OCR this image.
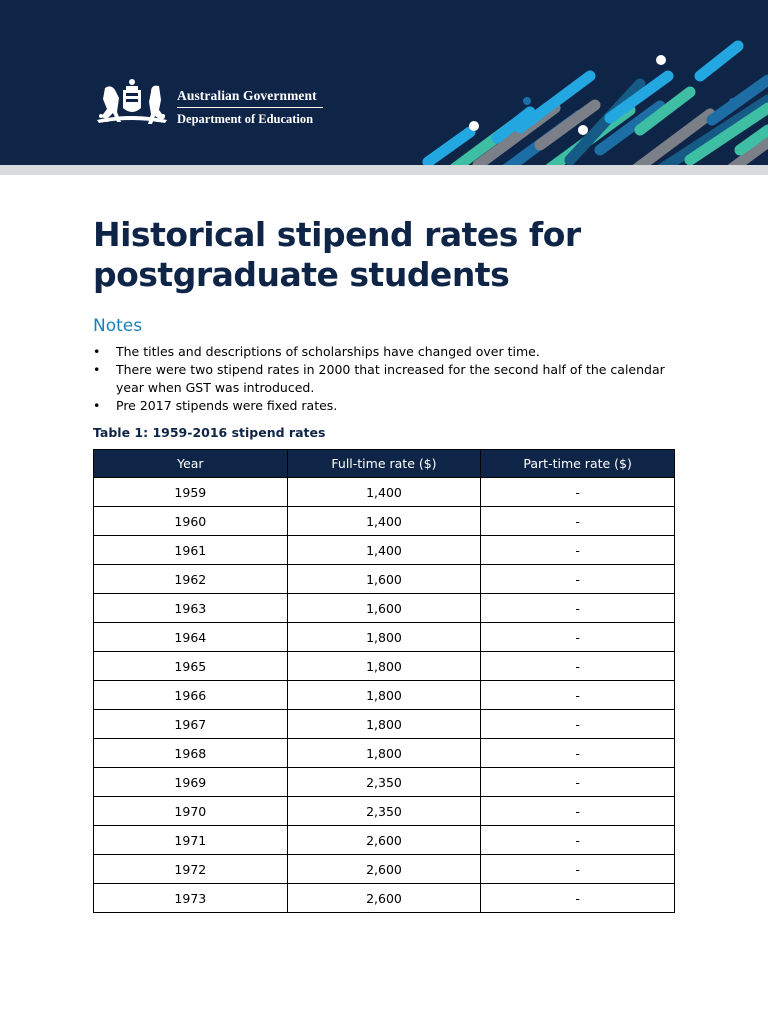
Australian Government
Department of Education
Historical stipend rates for postgraduate students
Notes
• The titles and descriptions of scholarships have changed over time.
• There were two stipend rates in 2000 that increased for the second half of the calendar year when GST was introduced.
• Pre 2017 stipends were fixed rates.

Table 1: 1959-2016 stipend rates

Year	Full-time rate ($)	Part-time rate ($)
1959	1,400	-
1960	1,400	-
1961	1,400	-
1962	1,600	-
1963	1,600	-
1964	1,800	-
1965	1,800	-
1966	1,800	-
1967	1,800	-
1968	1,800	-
1969	2,350	-
1970	2,350	-
1971	2,600	-
1972	2,600	-
1973	2,600	-
